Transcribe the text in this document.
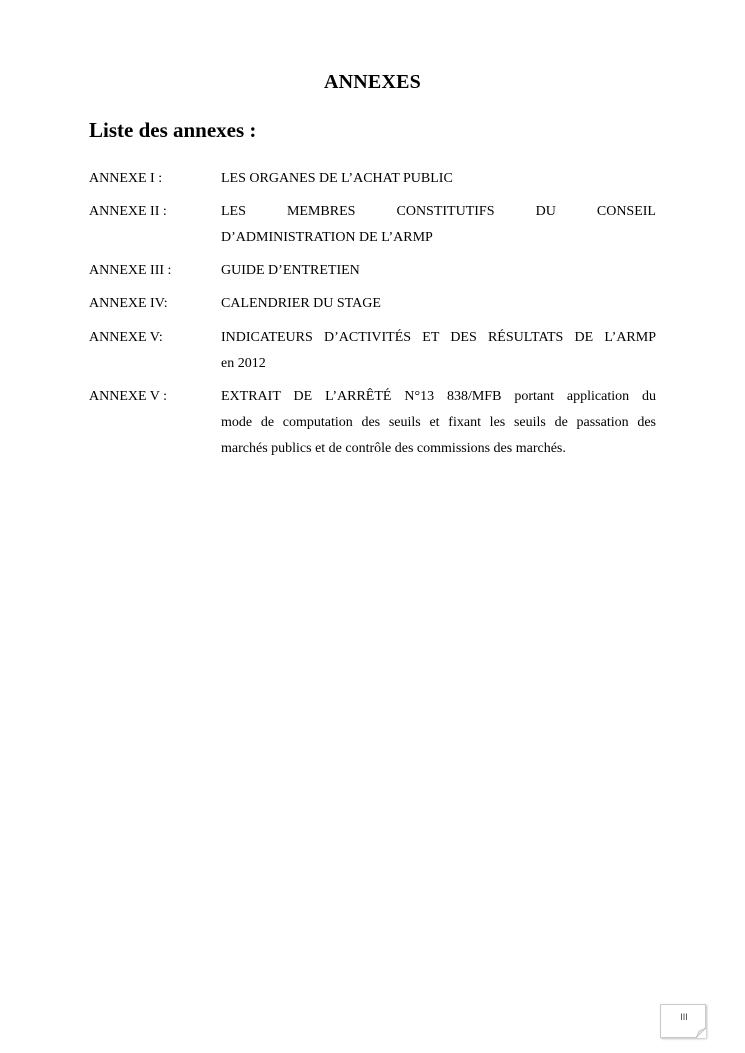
ANNEXES
Liste des annexes :
ANNEXE I :	LES ORGANES DE L’ACHAT PUBLIC
ANNEXE II :	LES MEMBRES CONSTITUTIFS DU CONSEIL
D’ADMINISTRATION DE L’ARMP
ANNEXE III :	GUIDE D’ENTRETIEN
ANNEXE IV:	CALENDRIER DU STAGE
ANNEXE V:	INDICATEURS D’ACTIVITÉS ET DES RÉSULTATS DE L’ARMP
en 2012
ANNEXE V :	EXTRAIT DE L’ARRÊTÉ N°13 838/MFB portant application du
mode de computation des seuils et fixant les seuils de passation des
marchés publics et de contrôle des commissions des marchés.
III
